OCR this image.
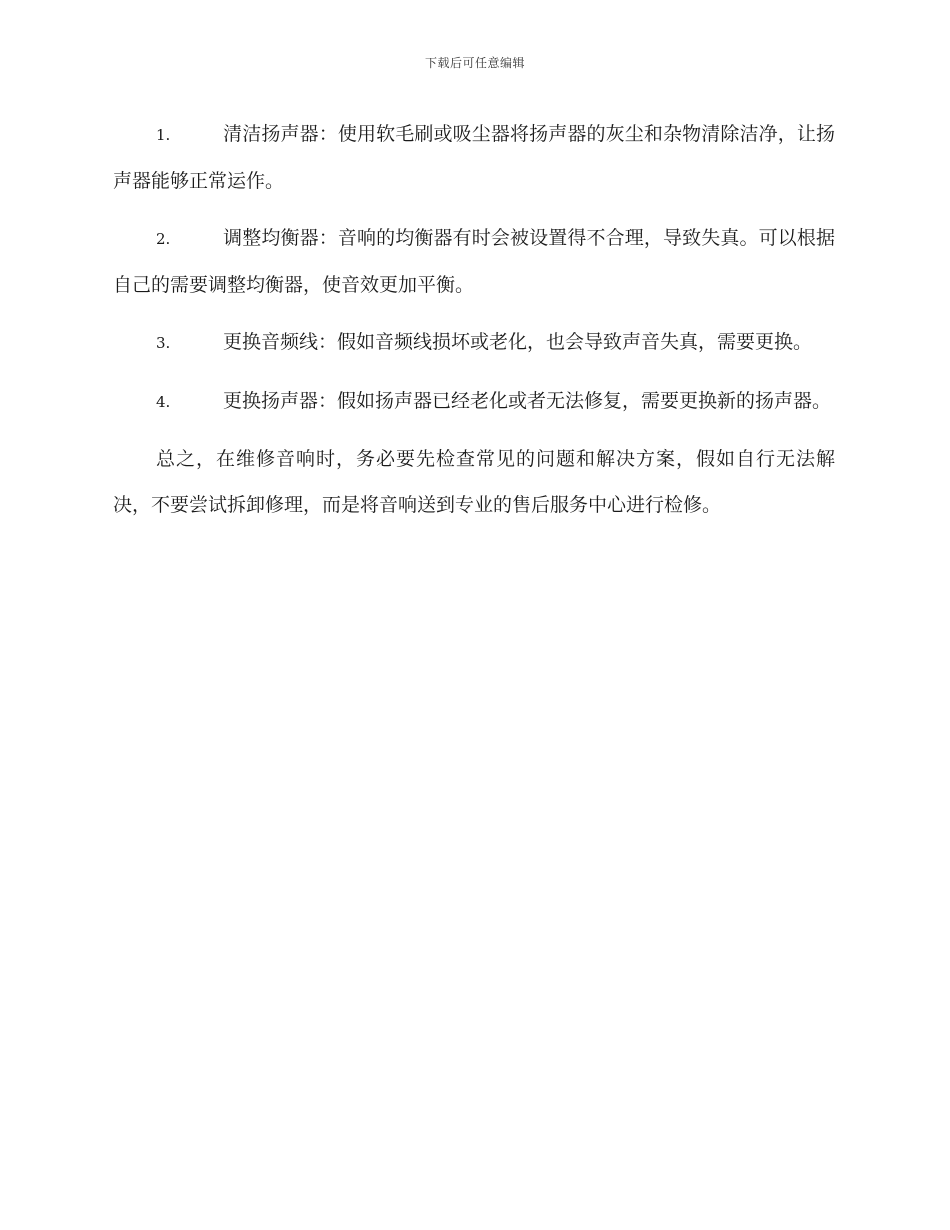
下载后可任意编辑

1.	清洁扬声器：使用软毛刷或吸尘器将扬声器的灰尘和杂物清除洁净，让扬声器能够正常运作。

2.	调整均衡器：音响的均衡器有时会被设置得不合理，导致失真。可以根据自己的需要调整均衡器，使音效更加平衡。

3.	更换音频线：假如音频线损坏或老化，也会导致声音失真，需要更换。

4.	更换扬声器：假如扬声器已经老化或者无法修复，需要更换新的扬声器。

总之，在维修音响时，务必要先检查常见的问题和解决方案，假如自行无法解决，不要尝试拆卸修理，而是将音响送到专业的售后服务中心进行检修。
